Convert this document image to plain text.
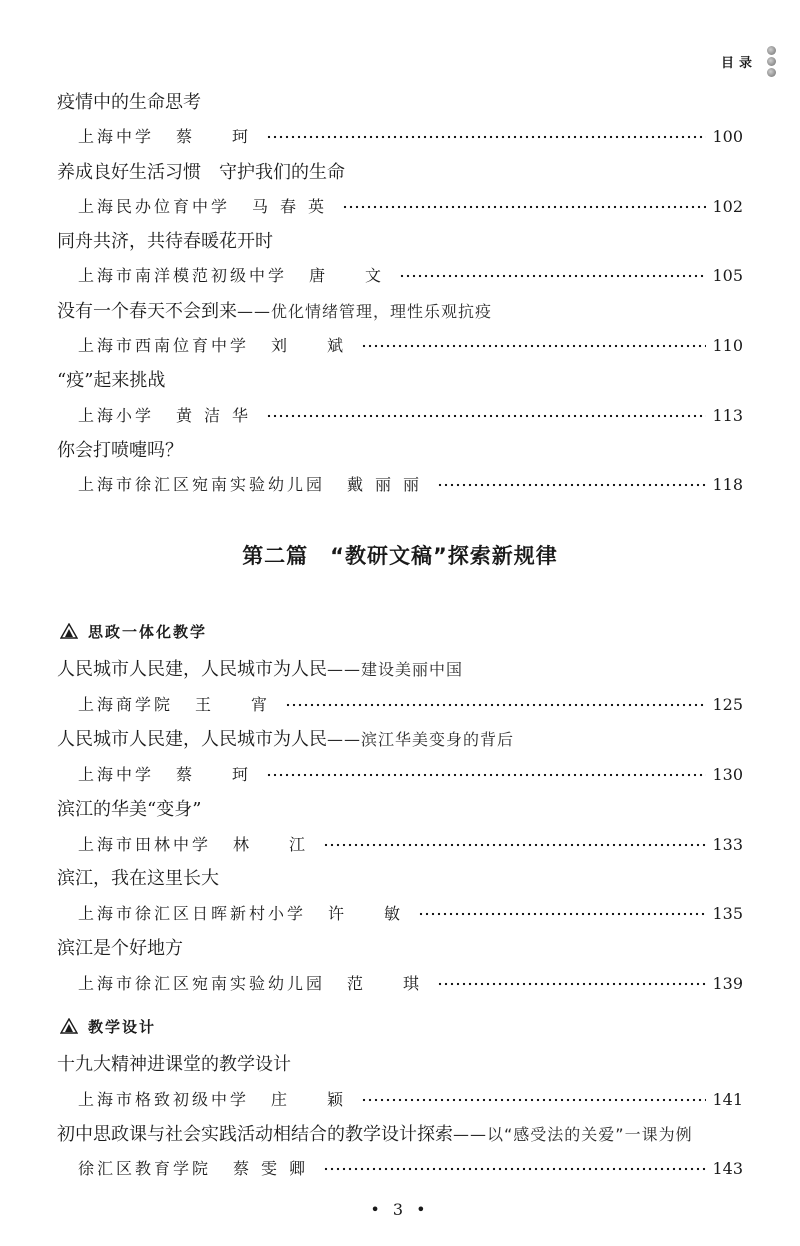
目录
疫情中的生命思考
上海中学 蔡　珂	100
养成良好生活习惯　守护我们的生命
上海民办位育中学 马春英	102
同舟共济，共待春暖花开时
上海市南洋模范初级中学 唐　文	105
没有一个春天不会到来——优化情绪管理，理性乐观抗疫
上海市西南位育中学 刘　斌	110
“疫”起来挑战
上海小学 黄洁华	113
你会打喷嚏吗？
上海市徐汇区宛南实验幼儿园 戴丽丽	118
第二篇　“教研文稿”探索新规律
思政一体化教学
人民城市人民建，人民城市为人民——建设美丽中国
上海商学院 王　宵	125
人民城市人民建，人民城市为人民——滨江华美变身的背后
上海中学 蔡　珂	130
滨江的华美“变身”
上海市田林中学 林　江	133
滨江，我在这里长大
上海市徐汇区日晖新村小学 许　敏	135
滨江是个好地方
上海市徐汇区宛南实验幼儿园 范　琪	139
教学设计
十九大精神进课堂的教学设计
上海市格致初级中学 庄　颖	141
初中思政课与社会实践活动相结合的教学设计探索——以“感受法的关爱”一课为例
徐汇区教育学院 蔡雯卿	143
• 3 •
